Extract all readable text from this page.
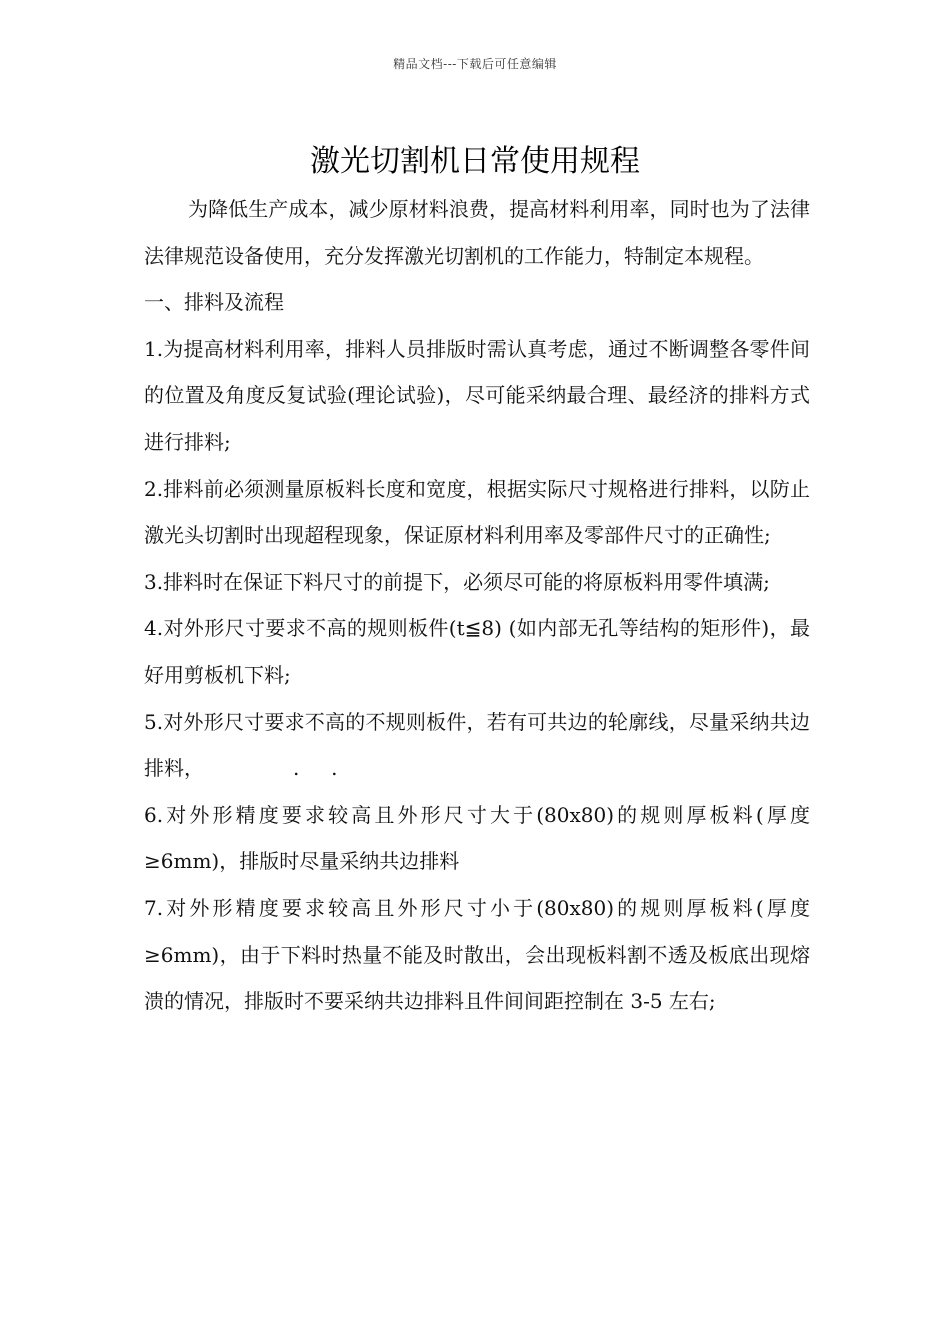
精品文档---下载后可任意编辑
激光切割机日常使用规程

为降低生产成本，减少原材料浪费，提高材料利用率，同时也为了法律法律规范设备使用，充分发挥激光切割机的工作能力，特制定本规程。

一、排料及流程

1.为提高材料利用率，排料人员排版时需认真考虑，通过不断调整各零件间的位置及角度反复试验(理论试验)，尽可能采纳最合理、最经济的排料方式进行排料;

2.排料前必须测量原板料长度和宽度，根据实际尺寸规格进行排料，以防止激光头切割时出现超程现象，保证原材料利用率及零部件尺寸的正确性;

3.排料时在保证下料尺寸的前提下，必须尽可能的将原板料用零件填满;

4.对外形尺寸要求不高的规则板件(t≦8) (如内部无孔等结构的矩形件)，最好用剪板机下料;

5.对外形尺寸要求不高的不规则板件，若有可共边的轮廓线，尽量采纳共边排料，              .     .

6.对外形精度要求较高且外形尺寸大于(80x80)的规则厚板料(厚度≥6mm)，排版时尽量采纳共边排料

7.对外形精度要求较高且外形尺寸小于(80x80)的规则厚板料(厚度≥6mm)，由于下料时热量不能及时散出，会出现板料割不透及板底出现熔溃的情况，排版时不要采纳共边排料且件间间距控制在 3-5 左右;
